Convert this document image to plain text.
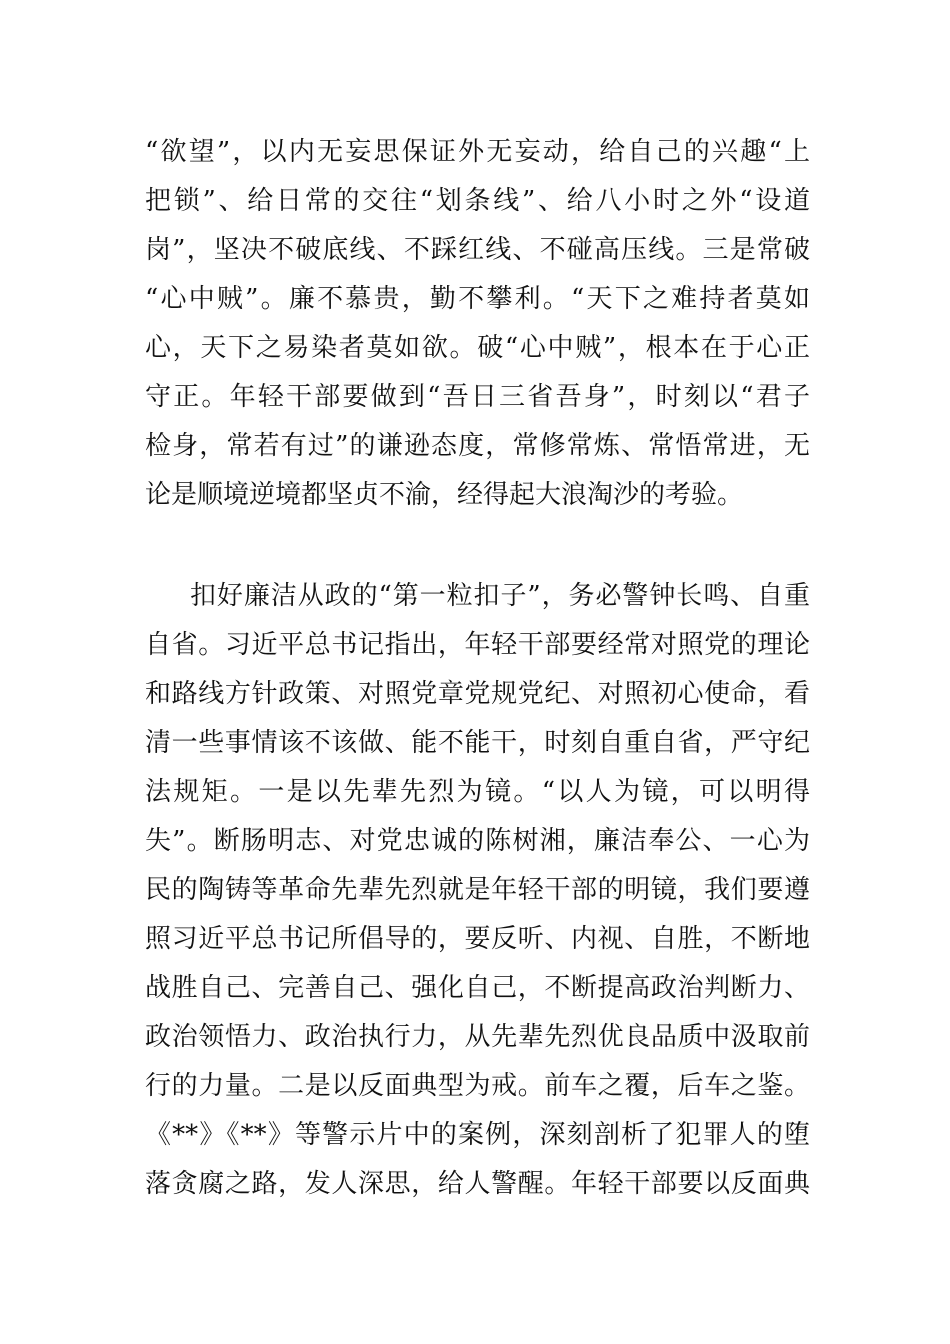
“欲望”，以内无妄思保证外无妄动，给自己的兴趣“上

把锁”、给日常的交往“划条线”、给八小时之外“设道

岗”，坚决不破底线、不踩红线、不碰高压线。三是常破

“心中贼”。廉不慕贵，勤不攀利。“天下之难持者莫如

心，天下之易染者莫如欲。破“心中贼”，根本在于心正

守正。年轻干部要做到“吾日三省吾身”，时刻以“君子

检身，常若有过”的谦逊态度，常修常炼、常悟常进，无

论是顺境逆境都坚贞不渝，经得起大浪淘沙的考验。

扣好廉洁从政的“第一粒扣子”，务必警钟长鸣、自重

自省。习近平总书记指出，年轻干部要经常对照党的理论

和路线方针政策、对照党章党规党纪、对照初心使命，看

清一些事情该不该做、能不能干，时刻自重自省，严守纪

法规矩。一是以先辈先烈为镜。“以人为镜，可以明得

失”。断肠明志、对党忠诚的陈树湘，廉洁奉公、一心为

民的陶铸等革命先辈先烈就是年轻干部的明镜，我们要遵

照习近平总书记所倡导的，要反听、内视、自胜，不断地

战胜自己、完善自己、强化自己，不断提高政治判断力、

政治领悟力、政治执行力，从先辈先烈优良品质中汲取前

行的力量。二是以反面典型为戒。前车之覆，后车之鉴。

《**》《**》等警示片中的案例，深刻剖析了犯罪人的堕

落贪腐之路，发人深思，给人警醒。年轻干部要以反面典
